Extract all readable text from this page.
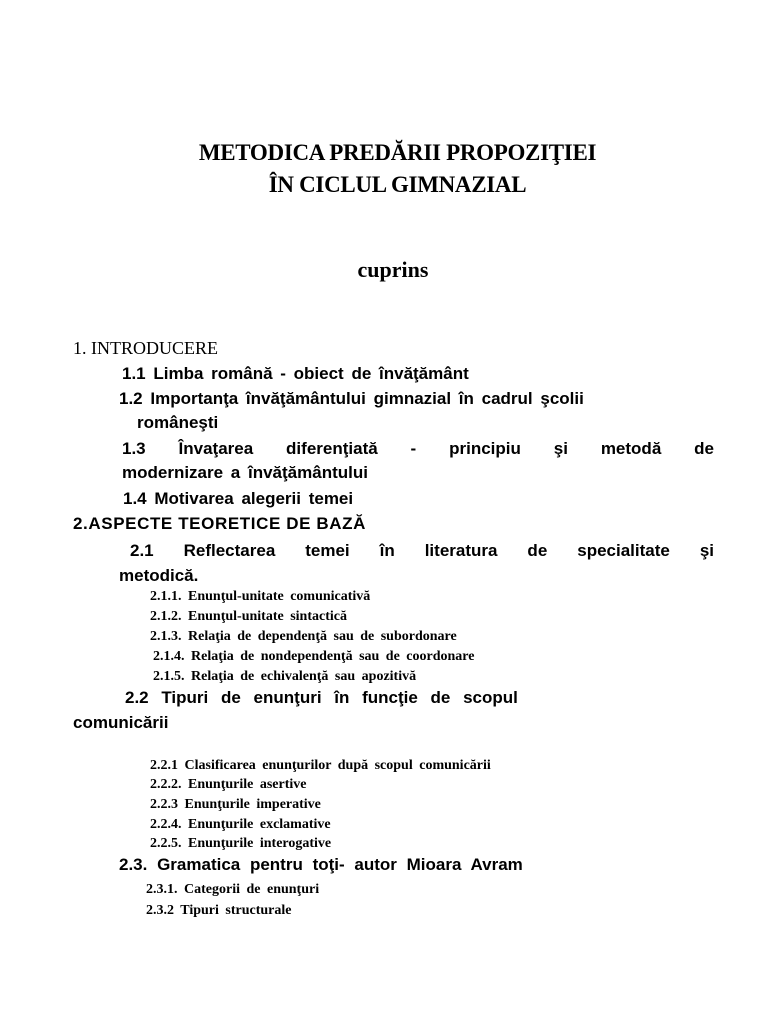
METODICA PREDĂRII PROPOZIŢIEI
ÎN CICLUL GIMNAZIAL
cuprins
1. INTRODUCERE
1.1 Limba română - obiect de învăţământ
1.2 Importanţa învăţământului gimnazial în cadrul şcolii
româneşti
1.3 Învaţarea diferenţiată - principiu şi metodă de
modernizare a învăţământului
1.4 Motivarea alegerii temei
2.ASPECTE TEORETICE DE BAZĂ
2.1 Reflectarea temei în literatura de specialitate şi
metodică.
2.1.1. Enunţul-unitate comunicativă
2.1.2. Enunţul-unitate sintactică
2.1.3. Relaţia de dependenţă sau de subordonare
2.1.4. Relaţia de nondependenţă sau de coordonare
2.1.5. Relaţia de echivalenţă sau apozitivă
2.2 Tipuri de enunţuri în funcţie de scopul
comunicării
2.2.1 Clasificarea enunţurilor după scopul comunicării
2.2.2. Enunţurile asertive
2.2.3 Enunţurile imperative
2.2.4. Enunţurile exclamative
2.2.5. Enunţurile interogative
2.3. Gramatica pentru toţi- autor Mioara Avram
2.3.1. Categorii de enunţuri
2.3.2 Tipuri structurale
